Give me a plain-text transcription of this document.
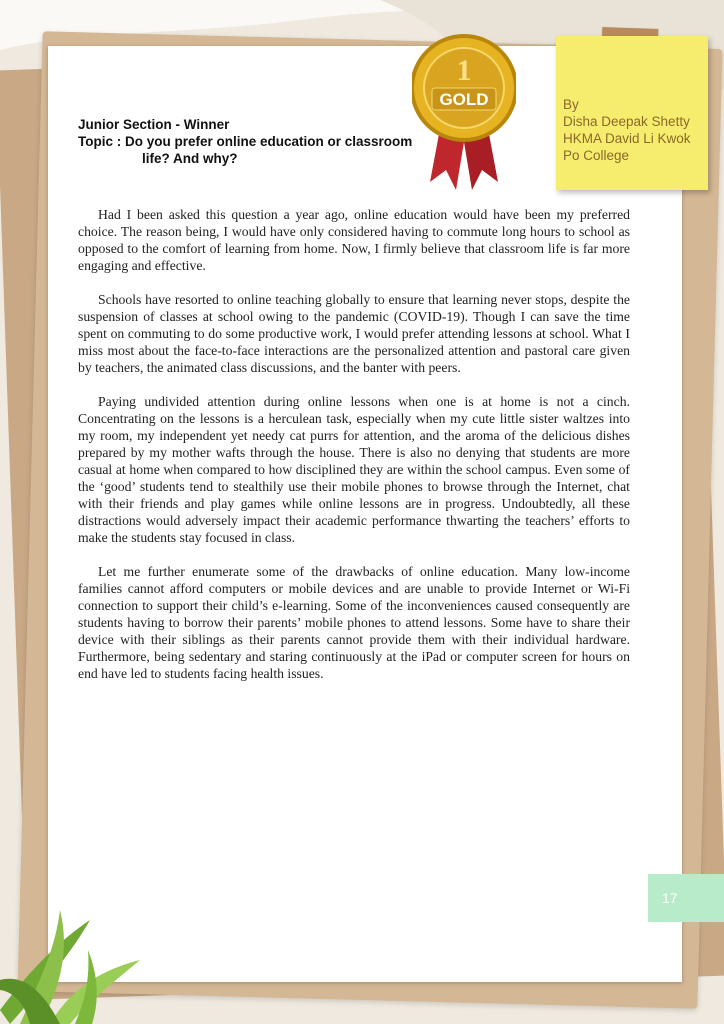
Junior Section - Winner
Topic : Do you prefer online education or classroom
life? And why?
1
GOLD	By
Disha Deepak Shetty
HKMA David Li Kwok
Po College

Had I been asked this question a year ago, online education would have been my preferred choice. The reason being, I would have only considered having to commute long hours to school as opposed to the comfort of learning from home. Now, I firmly believe that classroom life is far more engaging and effective.

Schools have resorted to online teaching globally to ensure that learning never stops, despite the suspension of classes at school owing to the pandemic (COVID-19). Though I can save the time spent on commuting to do some productive work, I would prefer attending lessons at school. What I miss most about the face-to-face interactions are the personalized attention and pastoral care given by teachers, the animated class discussions, and the banter with peers.

Paying undivided attention during online lessons when one is at home is not a cinch. Concentrating on the lessons is a herculean task, especially when my cute little sister waltzes into my room, my independent yet needy cat purrs for attention, and the aroma of the delicious dishes prepared by my mother wafts through the house. There is also no denying that students are more casual at home when compared to how disciplined they are within the school campus. Even some of the ‘good’ students tend to stealthily use their mobile phones to browse through the Internet, chat with their friends and play games while online lessons are in progress. Undoubtedly, all these distractions would adversely impact their academic performance thwarting the teachers’ efforts to make the students stay focused in class.

Let me further enumerate some of the drawbacks of online education. Many low-income families cannot afford computers or mobile devices and are unable to provide Internet or Wi-Fi connection to support their child’s e-learning. Some of the inconveniences caused consequently are students having to borrow their parents’ mobile phones to attend lessons. Some have to share their device with their siblings as their parents cannot provide them with their individual hardware. Furthermore, being sedentary and staring continuously at the iPad or computer screen for hours on end have led to students facing health issues.

17
